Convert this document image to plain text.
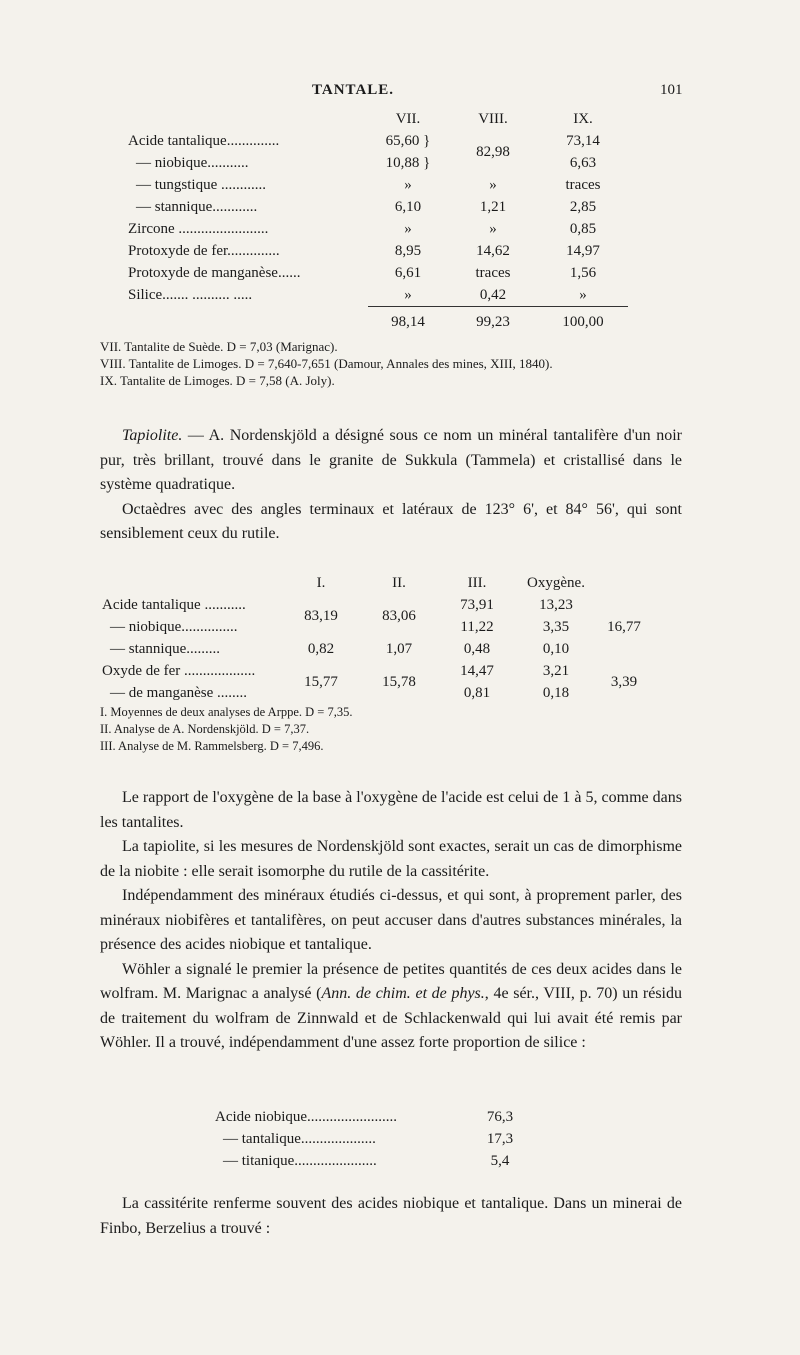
TANTALE.	101
	VII.	VIII.	IX.
Acide tantalique..............	65,60 }	82,98	73,14
— niobique...........	10,88 }		6,63
— tungstique ............	»	»	traces
— stannique............	6,10	1,21	2,85
Zircone ........................	»	»	0,85
Protoxyde de fer..............	8,95	14,62	14,97
Protoxyde de manganèse......	6,61	traces	1,56
Silice....... .......... .....	»	0,42	»
	98,14	99,23	100,00
VII. Tantalite de Suède. D = 7,03 (Marignac).
VIII. Tantalite de Limoges. D = 7,640-7,651 (Damour, Annales des mines, XIII, 1840).
IX. Tantalite de Limoges. D = 7,58 (A. Joly).

Tapiolite. — A. Nordenskjöld a désigné sous ce nom un minéral tantalifère d'un noir pur, très brillant, trouvé dans le granite de Sukkula (Tammela) et cristallisé dans le système quadratique.

Octaèdres avec des angles terminaux et latéraux de 123° 6', et 84° 56', qui sont sensiblement ceux du rutile.

	I.	II.	III.	Oxygène.	
Acide tantalique ...........	83,19	83,06	73,91	13,23	16,77
— niobique...............			11,22	3,35	
— stannique.........	0,82	1,07	0,48	0,10	
Oxyde de fer ...................	15,77	15,78	14,47	3,21	3,39
— de manganèse ........			0,81	0,18	
I. Moyennes de deux analyses de Arppe. D = 7,35.
II. Analyse de A. Nordenskjöld. D = 7,37.
III. Analyse de M. Rammelsberg. D = 7,496.

Le rapport de l'oxygène de la base à l'oxygène de l'acide est celui de 1 à 5, comme dans les tantalites.

La tapiolite, si les mesures de Nordenskjöld sont exactes, serait un cas de dimorphisme de la niobite : elle serait isomorphe du rutile de la cassitérite.

Indépendamment des minéraux étudiés ci-dessus, et qui sont, à proprement parler, des minéraux niobifères et tantalifères, on peut accuser dans d'autres substances minérales, la présence des acides niobique et tantalique.

Wöhler a signalé le premier la présence de petites quantités de ces deux acides dans le wolfram. M. Marignac a analysé (Ann. de chim. et de phys., 4e sér., VIII, p. 70) un résidu de traitement du wolfram de Zinnwald et de Schlackenwald qui lui avait été remis par Wöhler. Il a trouvé, indépendamment d'une assez forte proportion de silice :

Acide niobique........................	76,3
— tantalique....................	17,3
— titanique......................	5,4

La cassitérite renferme souvent des acides niobique et tantalique. Dans un minerai de Finbo, Berzelius a trouvé :
